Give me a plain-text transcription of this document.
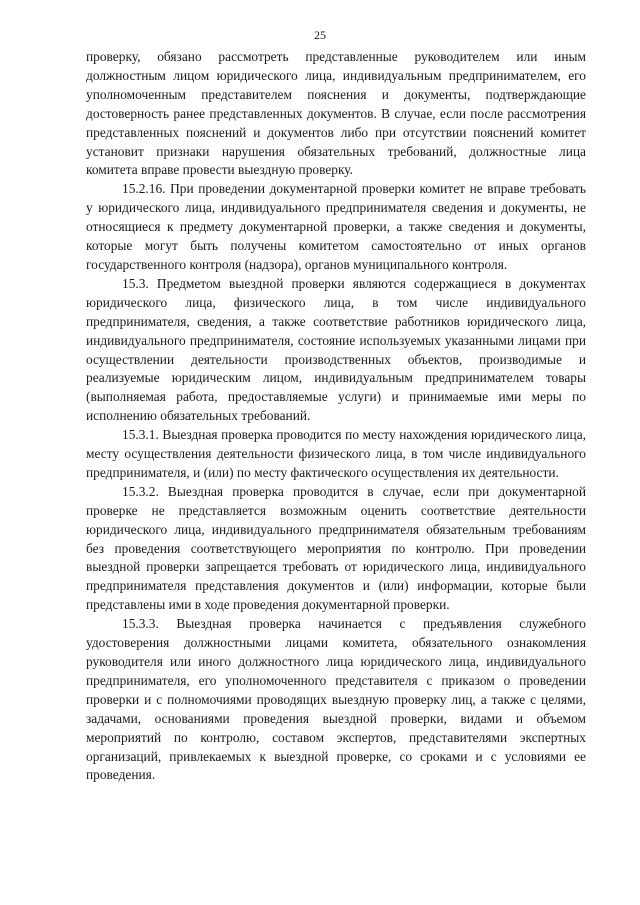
25

проверку, обязано рассмотреть представленные руководителем или иным должностным лицом юридического лица, индивидуальным предпринимателем, его уполномоченным представителем пояснения и документы, подтверждающие достоверность ранее представленных документов. В случае, если после рассмотрения представленных пояснений и документов либо при отсутствии пояснений комитет установит признаки нарушения обязательных требований, должностные лица комитета вправе провести выездную проверку.

15.2.16. При проведении документарной проверки комитет не вправе требовать у юридического лица, индивидуального предпринимателя сведения и документы, не относящиеся к предмету документарной проверки, а также сведения и документы, которые могут быть получены комитетом самостоятельно от иных органов государственного контроля (надзора), органов муниципального контроля.

15.3. Предметом выездной проверки являются содержащиеся в документах юридического лица, физического лица, в том числе индивидуального предпринимателя, сведения, а также соответствие работников юридического лица, индивидуального предпринимателя, состояние используемых указанными лицами при осуществлении деятельности производственных объектов, производимые и реализуемые юридическим лицом, индивидуальным предпринимателем товары (выполняемая работа, предоставляемые услуги) и принимаемые ими меры по исполнению обязательных требований.

15.3.1. Выездная проверка проводится по месту нахождения юридического лица, месту осуществления деятельности физического лица, в том числе индивидуального предпринимателя, и (или) по месту фактического осуществления их деятельности.

15.3.2. Выездная проверка проводится в случае, если при документарной проверке не представляется возможным оценить соответствие деятельности юридического лица, индивидуального предпринимателя обязательным требованиям без проведения соответствующего мероприятия по контролю. При проведении выездной проверки запрещается требовать от юридического лица, индивидуального предпринимателя представления документов и (или) информации, которые были представлены ими в ходе проведения документарной проверки.

15.3.3. Выездная проверка начинается с предъявления служебного удостоверения должностными лицами комитета, обязательного ознакомления руководителя или иного должностного лица юридического лица, индивидуального предпринимателя, его уполномоченного представителя с приказом о проведении проверки и с полномочиями проводящих выездную проверку лиц, а также с целями, задачами, основаниями проведения выездной проверки, видами и объемом мероприятий по контролю, составом экспертов, представителями экспертных организаций, привлекаемых к выездной проверке, со сроками и с условиями ее проведения.
